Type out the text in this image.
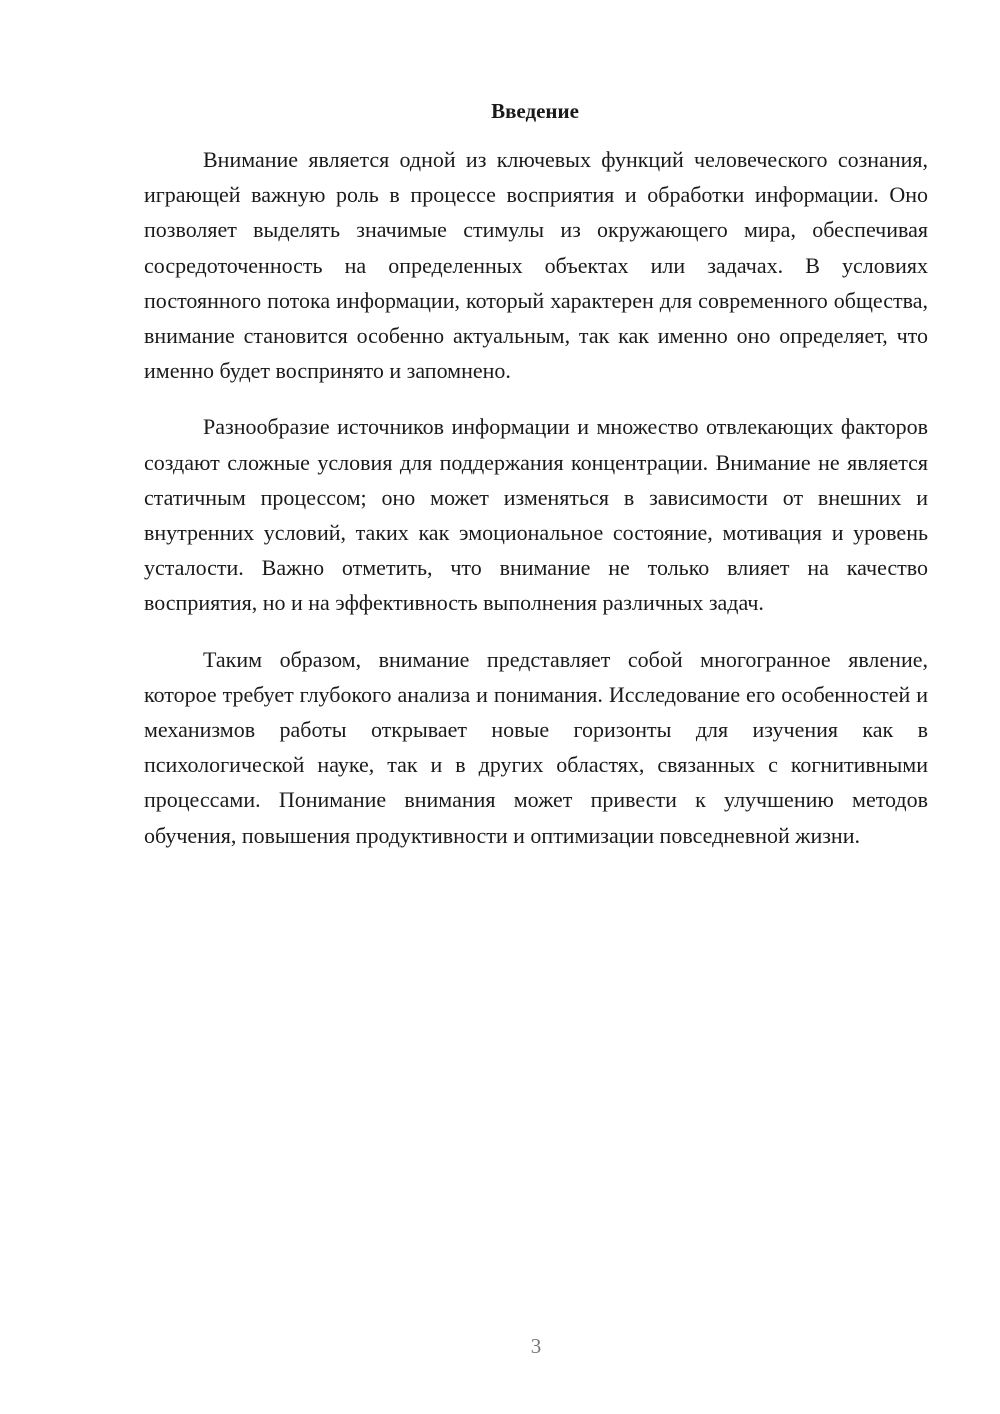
Введение

Внимание является одной из ключевых функций человеческого сознания, играющей важную роль в процессе восприятия и обработки информации. Оно позволяет выделять значимые стимулы из окружающего мира, обеспечивая сосредоточенность на определенных объектах или задачах. В условиях постоянного потока информации, который характерен для современного общества, внимание становится особенно актуальным, так как именно оно определяет, что именно будет воспринято и запомнено.

Разнообразие источников информации и множество отвлекающих факторов создают сложные условия для поддержания концентрации. Внимание не является статичным процессом; оно может изменяться в зависимости от внешних и внутренних условий, таких как эмоциональное состояние, мотивация и уровень усталости. Важно отметить, что внимание не только влияет на качество восприятия, но и на эффективность выполнения различных задач.

Таким образом, внимание представляет собой многогранное явление, которое требует глубокого анализа и понимания. Исследование его особенностей и механизмов работы открывает новые горизонты для изучения как в психологической науке, так и в других областях, связанных с когнитивными процессами. Понимание внимания может привести к улучшению методов обучения, повышения продуктивности и оптимизации повседневной жизни.

3
